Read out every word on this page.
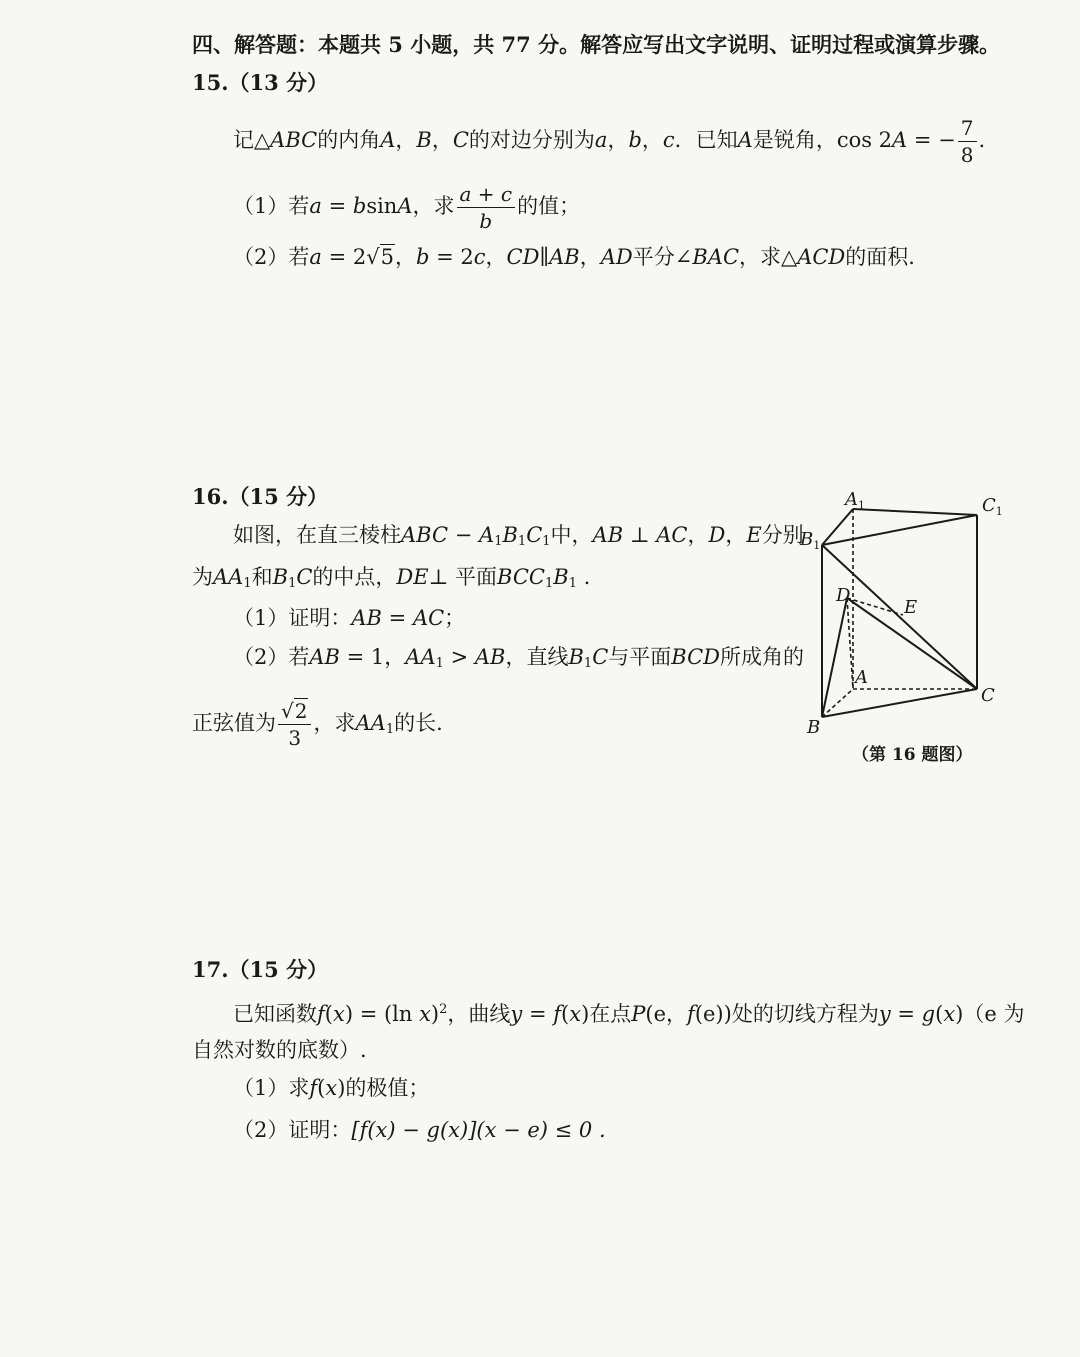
四、解答题：本题共 5 小题，共 77 分。解答应写出文字说明、证明过程或演算步骤。
15.（13 分）
记△ABC的内角A，B，C的对边分别为a，b，c．已知A是锐角，cos 2A = − $\frac{7}{8}$ .
（1）若a = bsinA，求 $\frac{a + c}{b}$ 的值；
（2）若a = 2√5，b = 2c，CD∥AB，AD平分∠BAC，求△ACD的面积.
16.（15 分）
如图，在直三棱柱ABC − $A_1B_1C_1$中，AB ⊥ AC，D，E分别
为$AA_1$和$B_1C$的中点，DE⊥ 平面$BCC_1B_1$ .
（1）证明：AB = AC；
（2）若AB = 1，$AA_1$ > AB，直线$B_1C$与平面BCD所成角的
正弦值为 $\frac{√2}{3}$ ，求$AA_1$的长.
$A_1$	$C_1$
$B_1$
D
E
A
C
B
（第 16 题图）
17.（15 分）
已知函数f(x) = (ln x)$^2$，曲线y = f(x)在点P(e，f(e))处的切线方程为y = g(x)（e 为
自然对数的底数）.
（1）求f(x)的极值；
（2）证明：[f(x) − g(x)](x − e) ≤ 0 .
